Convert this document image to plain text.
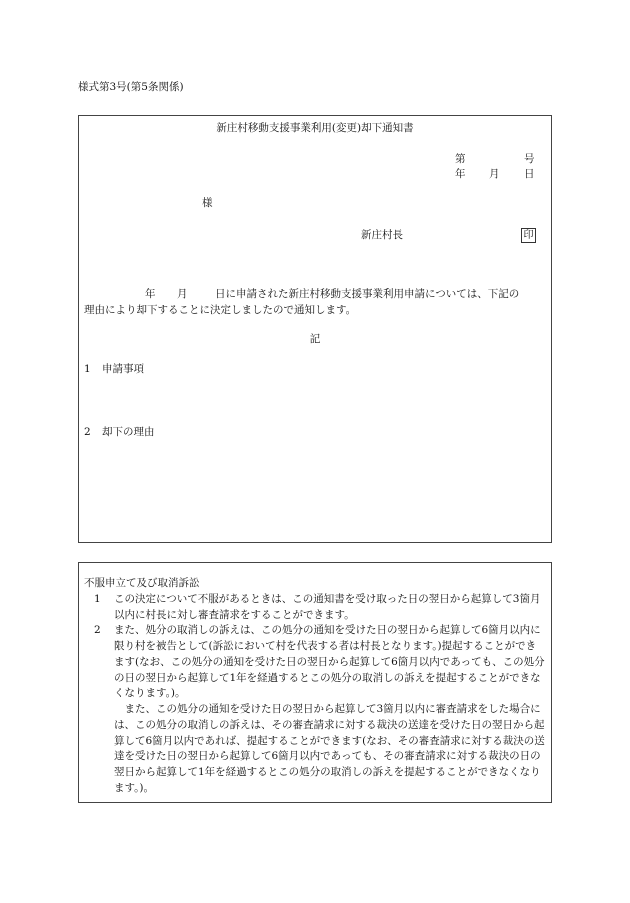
様式第3号(第5条関係)
新庄村移動支援事業利用(変更)却下通知書
第	号
年 月 日
様
新庄村長	印
年 月	日に申請された新庄村移動支援事業利用申請については、下記の
理由により却下することに決定しましたので通知します。
記
1 申請事項
2 却下の理由

不服申立て及び取消訴訟

1	この決定について不服があるときは、この通知書を受け取った日の翌日から起算して3箇月以内に村長に対し審査請求をすることができます。
2	また、処分の取消しの訴えは、この処分の通知を受けた日の翌日から起算して6箇月以内に限り村を被告として(訴訟において村を代表する者は村長となります。)提起することができます(なお、この処分の通知を受けた日の翌日から起算して6箇月以内であっても、この処分の日の翌日から起算して1年を経過するとこの処分の取消しの訴えを提起することができなくなります。)。
また、この処分の通知を受けた日の翌日から起算して3箇月以内に審査請求をした場合には、この処分の取消しの訴えは、その審査請求に対する裁決の送達を受けた日の翌日から起算して6箇月以内であれば、提起することができます(なお、その審査請求に対する裁決の送達を受けた日の翌日から起算して6箇月以内であっても、その審査請求に対する裁決の日の翌日から起算して1年を経過するとこの処分の取消しの訴えを提起することができなくなります。)。
